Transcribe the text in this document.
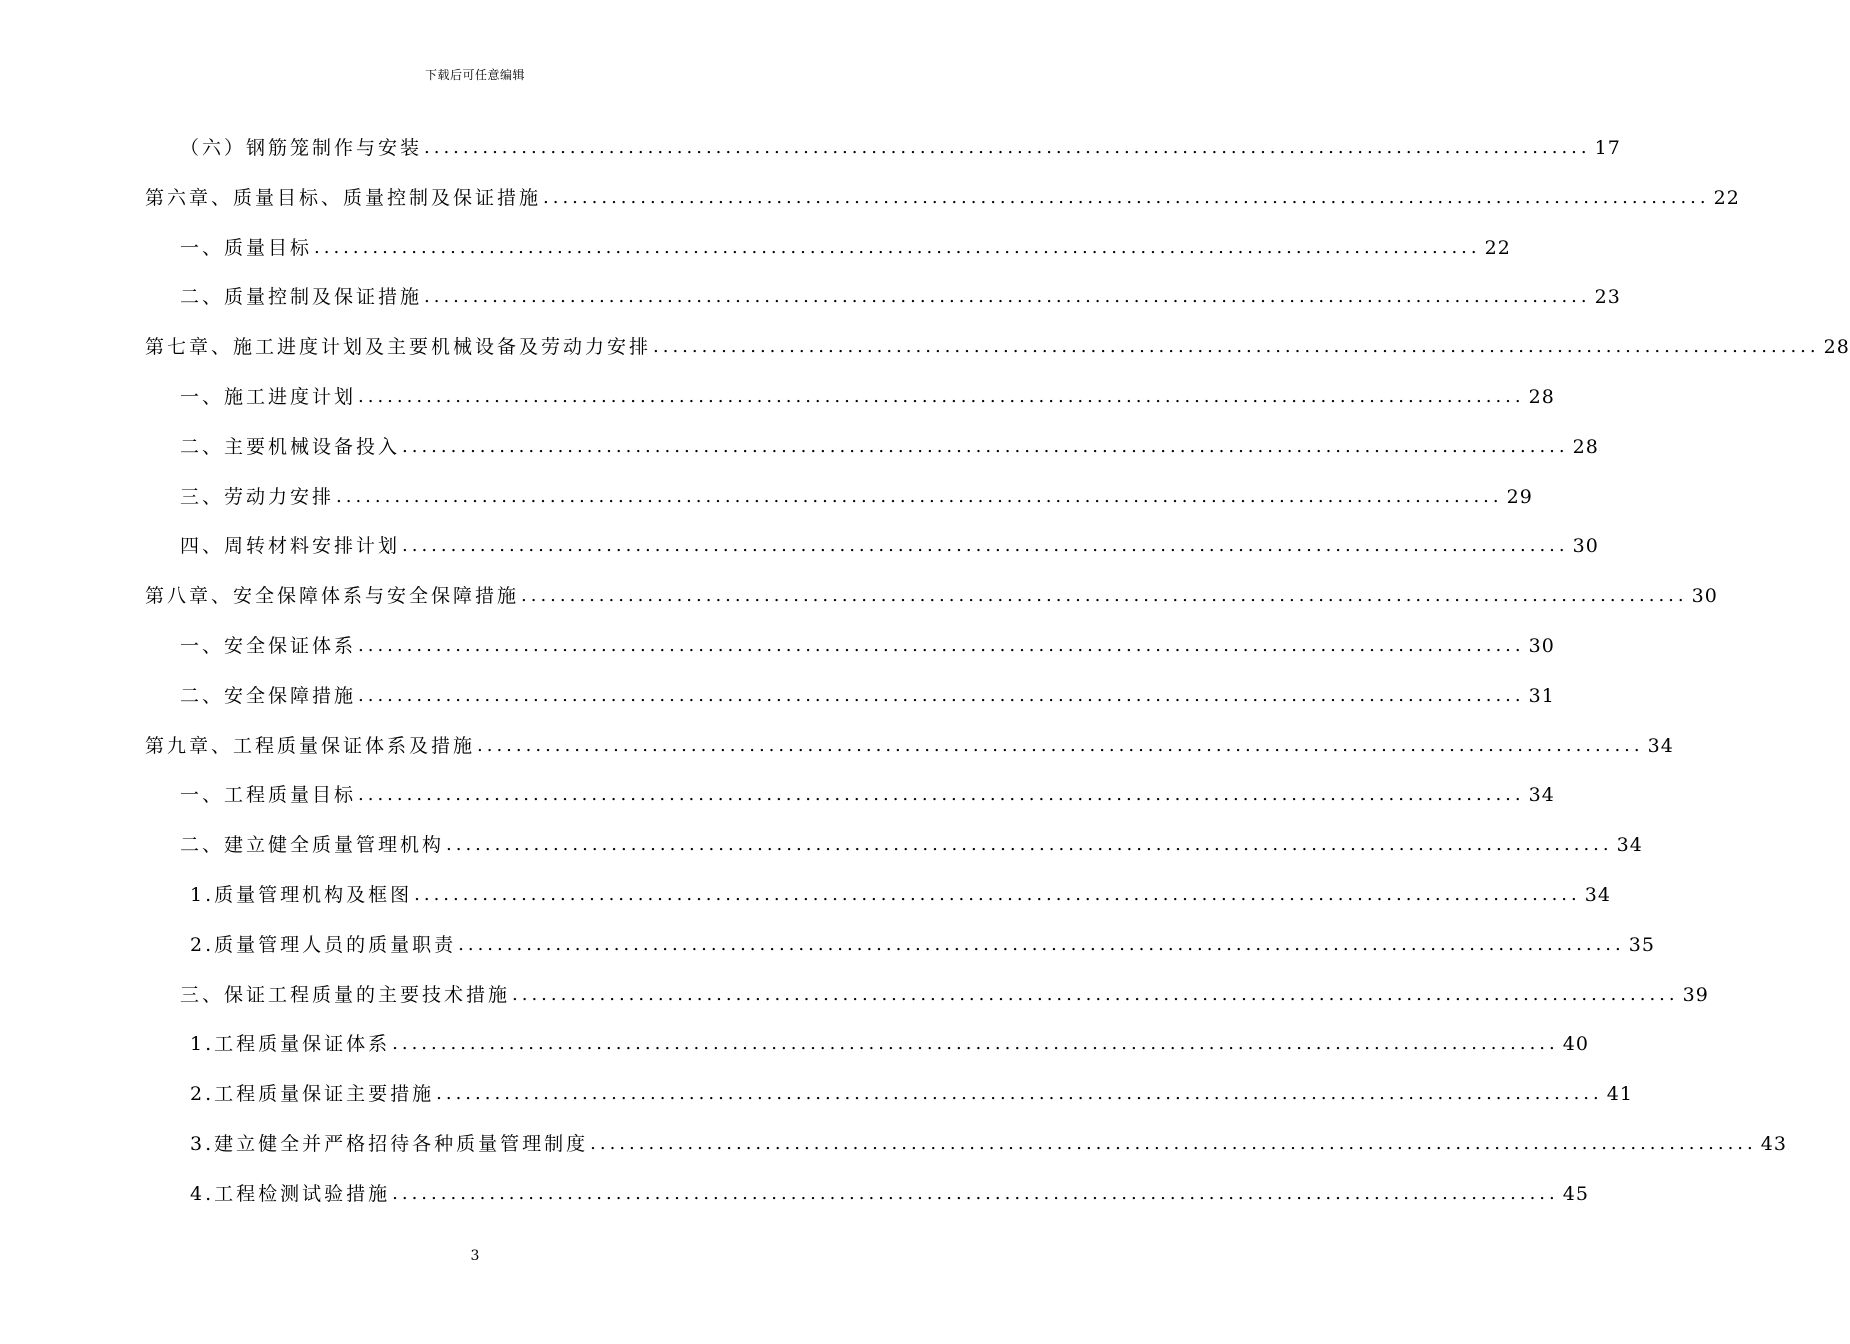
下载后可任意编辑
（六）钢筋笼制作与安装 ........................................................................................................................ 17
第六章、质量目标、质量控制及保证措施 ........................................................................................................................ 22
一、质量目标 ........................................................................................................................ 22
二、质量控制及保证措施 ........................................................................................................................ 23
第七章、施工进度计划及主要机械设备及劳动力安排 ........................................................................................................................ 28
一、施工进度计划 ........................................................................................................................ 28
二、主要机械设备投入 ........................................................................................................................ 28
三、劳动力安排 ........................................................................................................................ 29
四、周转材料安排计划 ........................................................................................................................ 30
第八章、安全保障体系与安全保障措施 ........................................................................................................................ 30
一、安全保证体系 ........................................................................................................................ 30
二、安全保障措施 ........................................................................................................................ 31
第九章、工程质量保证体系及措施 ........................................................................................................................ 34
一、工程质量目标 ........................................................................................................................ 34
二、建立健全质量管理机构 ........................................................................................................................ 34
1.质量管理机构及框图 ........................................................................................................................ 34
2.质量管理人员的质量职责 ........................................................................................................................ 35
三、保证工程质量的主要技术措施 ........................................................................................................................ 39
1.工程质量保证体系 ........................................................................................................................ 40
2.工程质量保证主要措施 ........................................................................................................................ 41
3.建立健全并严格招待各种质量管理制度 ........................................................................................................................ 43
4.工程检测试验措施 ........................................................................................................................ 45
3
